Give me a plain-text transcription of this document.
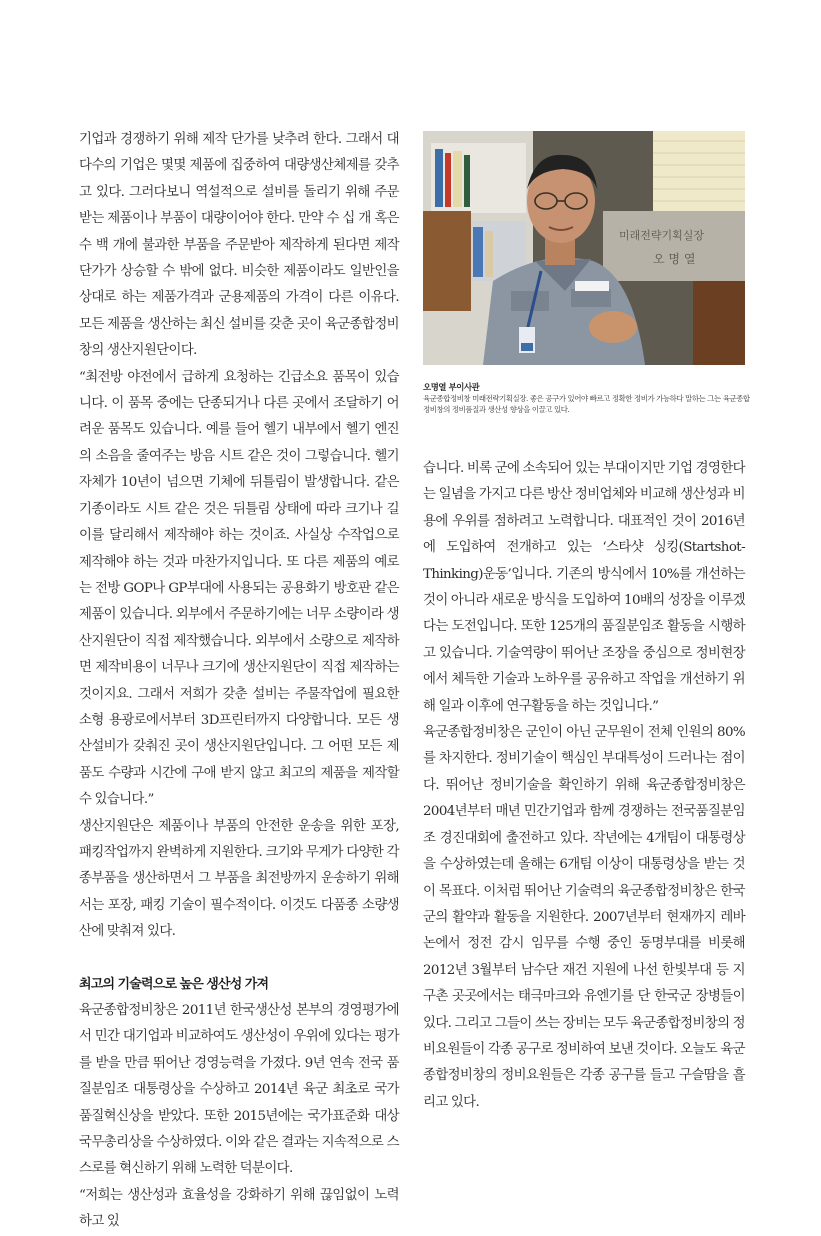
기업과 경쟁하기 위해 제작 단가를 낮추려 한다. 그래서 대다수의 기업은 몇몇 제품에 집중하여 대량생산체제를 갖추고 있다. 그러다보니 역설적으로 설비를 돌리기 위해 주문받는 제품이나 부품이 대량이어야 한다. 만약 수 십 개 혹은 수 백 개에 불과한 부품을 주문받아 제작하게 된다면 제작 단가가 상승할 수 밖에 없다. 비슷한 제품이라도 일반인을 상대로 하는 제품가격과 군용제품의 가격이 다른 이유다. 모든 제품을 생산하는 최신 설비를 갖춘 곳이 육군종합정비창의 생산지원단이다.

“최전방 야전에서 급하게 요청하는 긴급소요 품목이 있습니다. 이 품목 중에는 단종되거나 다른 곳에서 조달하기 어려운 품목도 있습니다. 예를 들어 헬기 내부에서 헬기 엔진의 소음을 줄여주는 방음 시트 같은 것이 그렇습니다. 헬기 자체가 10년이 넘으면 기체에 뒤틀림이 발생합니다. 같은 기종이라도 시트 같은 것은 뒤틀림 상태에 따라 크기나 길이를 달리해서 제작해야 하는 것이죠. 사실상 수작업으로 제작해야 하는 것과 마찬가지입니다. 또 다른 제품의 예로는 전방 GOP나 GP부대에 사용되는 공용화기 방호판 같은 제품이 있습니다. 외부에서 주문하기에는 너무 소량이라 생산지원단이 직접 제작했습니다. 외부에서 소량으로 제작하면 제작비용이 너무나 크기에 생산지원단이 직접 제작하는 것이지요. 그래서 저희가 갖춘 설비는 주물작업에 필요한 소형 용광로에서부터 3D프린터까지 다양합니다. 모든 생산설비가 갖춰진 곳이 생산지원단입니다. 그 어떤 모든 제품도 수량과 시간에 구애 받지 않고 최고의 제품을 제작할 수 있습니다.”

생산지원단은 제품이나 부품의 안전한 운송을 위한 포장, 패킹작업까지 완벽하게 지원한다. 크기와 무게가 다양한 각종부품을 생산하면서 그 부품을 최전방까지 운송하기 위해서는 포장, 패킹 기술이 필수적이다. 이것도 다품종 소량생산에 맞춰져 있다.

최고의 기술력으로 높은 생산성 가져

육군종합정비창은 2011년 한국생산성 본부의 경영평가에서 민간 대기업과 비교하여도 생산성이 우위에 있다는 평가를 받을 만큼 뛰어난 경영능력을 가졌다. 9년 연속 전국 품질분임조 대통령상을 수상하고 2014년 육군 최초로 국가품질혁신상을 받았다. 또한 2015년에는 국가표준화 대상 국무총리상을 수상하였다. 이와 같은 결과는 지속적으로 스스로를 혁신하기 위해 노력한 덕분이다.

“저희는 생산성과 효율성을 강화하기 위해 끊임없이 노력하고 있

미래전략기획실장
오 명 열
오명열 부이사관
육군종합정비창 미래전략기획실장. 좋은 공구가 있어야 빠르고 정확한 정비가 가능하다 말하는 그는 육군종합정비창의 정비품질과 생산성 향상을 이끌고 있다.

습니다. 비록 군에 소속되어 있는 부대이지만 기업 경영한다는 일념을 가지고 다른 방산 정비업체와 비교해 생산성과 비용에 우위를 점하려고 노력합니다. 대표적인 것이 2016년에 도입하여 전개하고 있는 ‘스타샷 싱킹(Startshot-Thinking)운동’입니다. 기존의 방식에서 10%를 개선하는 것이 아니라 새로운 방식을 도입하여 10배의 성장을 이루겠다는 도전입니다. 또한 125개의 품질분임조 활동을 시행하고 있습니다. 기술역량이 뛰어난 조장을 중심으로 정비현장에서 체득한 기술과 노하우를 공유하고 작업을 개선하기 위해 일과 이후에 연구활동을 하는 것입니다.”

육군종합정비창은 군인이 아닌 군무원이 전체 인원의 80%를 차지한다. 정비기술이 핵심인 부대특성이 드러나는 점이다. 뛰어난 정비기술을 확인하기 위해 육군종합정비창은 2004년부터 매년 민간기업과 함께 경쟁하는 전국품질분임조 경진대회에 출전하고 있다. 작년에는 4개팀이 대통령상을 수상하였는데 올해는 6개팀 이상이 대통령상을 받는 것이 목표다. 이처럼 뛰어난 기술력의 육군종합정비창은 한국군의 활약과 활동을 지원한다. 2007년부터 현재까지 레바논에서 정전 감시 임무를 수행 중인 동명부대를 비롯해 2012년 3월부터 남수단 재건 지원에 나선 한빛부대 등 지구촌 곳곳에서는 태극마크와 유엔기를 단 한국군 장병들이 있다. 그리고 그들이 쓰는 장비는 모두 육군종합정비창의 정비요원들이 각종 공구로 정비하여 보낸 것이다. 오늘도 육군종합정비창의 정비요원들은 각종 공구를 들고 구슬땀을 흘리고 있다.
